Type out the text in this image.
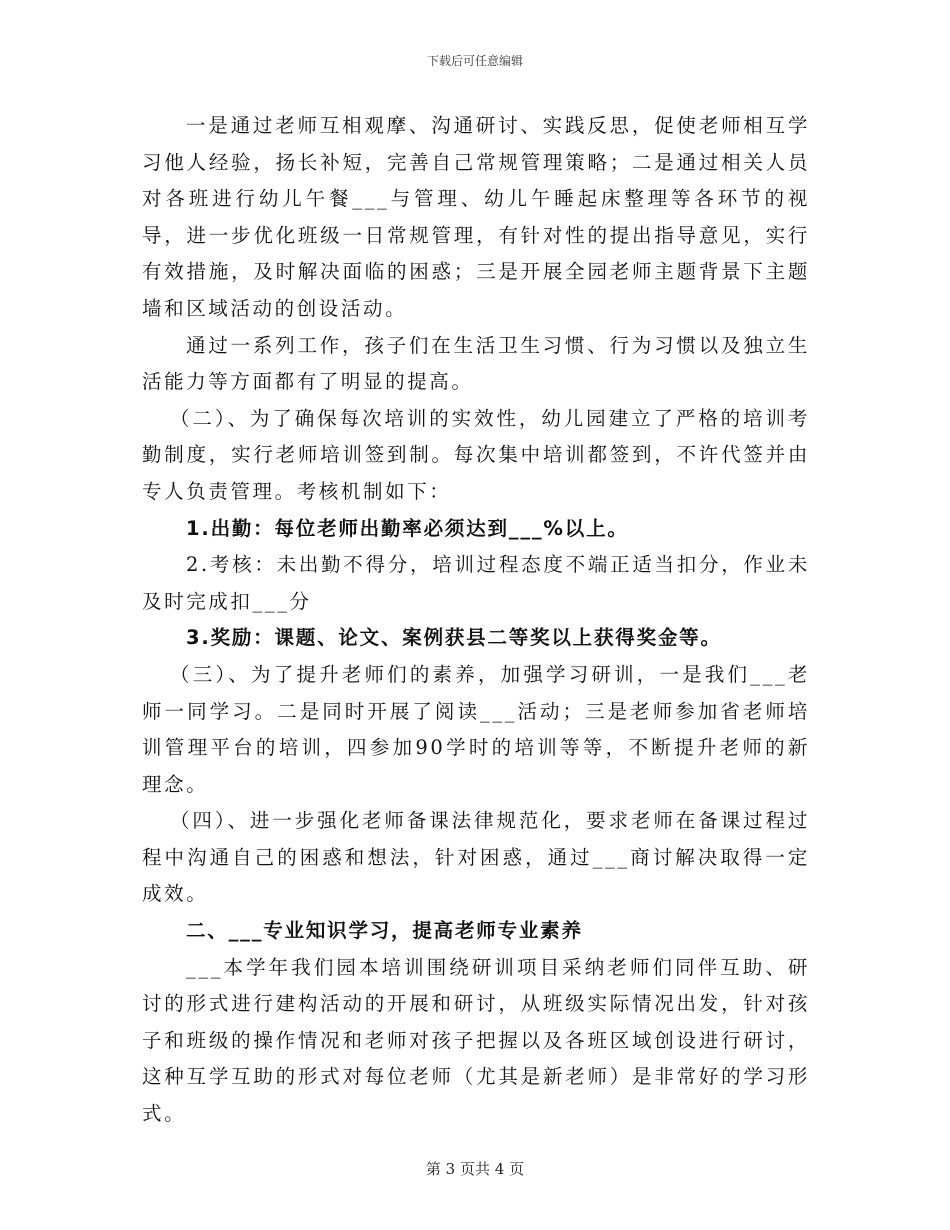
下载后可任意编辑

一是通过老师互相观摩、沟通研讨、实践反思，促使老师相互学习他人经验，扬长补短，完善自己常规管理策略；二是通过相关人员对各班进行幼儿午餐___与管理、幼儿午睡起床整理等各环节的视导，进一步优化班级一日常规管理，有针对性的提出指导意见，实行有效措施，及时解决面临的困惑；三是开展全园老师主题背景下主题墙和区域活动的创设活动。

通过一系列工作，孩子们在生活卫生习惯、行为习惯以及独立生活能力等方面都有了明显的提高。

（二）、为了确保每次培训的实效性，幼儿园建立了严格的培训考勤制度，实行老师培训签到制。每次集中培训都签到，不许代签并由专人负责管理。考核机制如下：

1.出勤：每位老师出勤率必须达到___%以上。

2.考核：未出勤不得分，培训过程态度不端正适当扣分，作业未及时完成扣___分

3.奖励：课题、论文、案例获县二等奖以上获得奖金等。

（三）、为了提升老师们的素养，加强学习研训，一是我们___老师一同学习。二是同时开展了阅读___活动；三是老师参加省老师培训管理平台的培训，四参加90学时的培训等等，不断提升老师的新理念。

（四）、进一步强化老师备课法律规范化，要求老师在备课过程过程中沟通自己的困惑和想法，针对困惑，通过___商讨解决取得一定成效。

二、___专业知识学习，提高老师专业素养

___本学年我们园本培训围绕研训项目采纳老师们同伴互助、研讨的形式进行建构活动的开展和研讨，从班级实际情况出发，针对孩子和班级的操作情况和老师对孩子把握以及各班区域创设进行研讨，这种互学互助的形式对每位老师（尤其是新老师）是非常好的学习形式。

第 3 页共 4 页
